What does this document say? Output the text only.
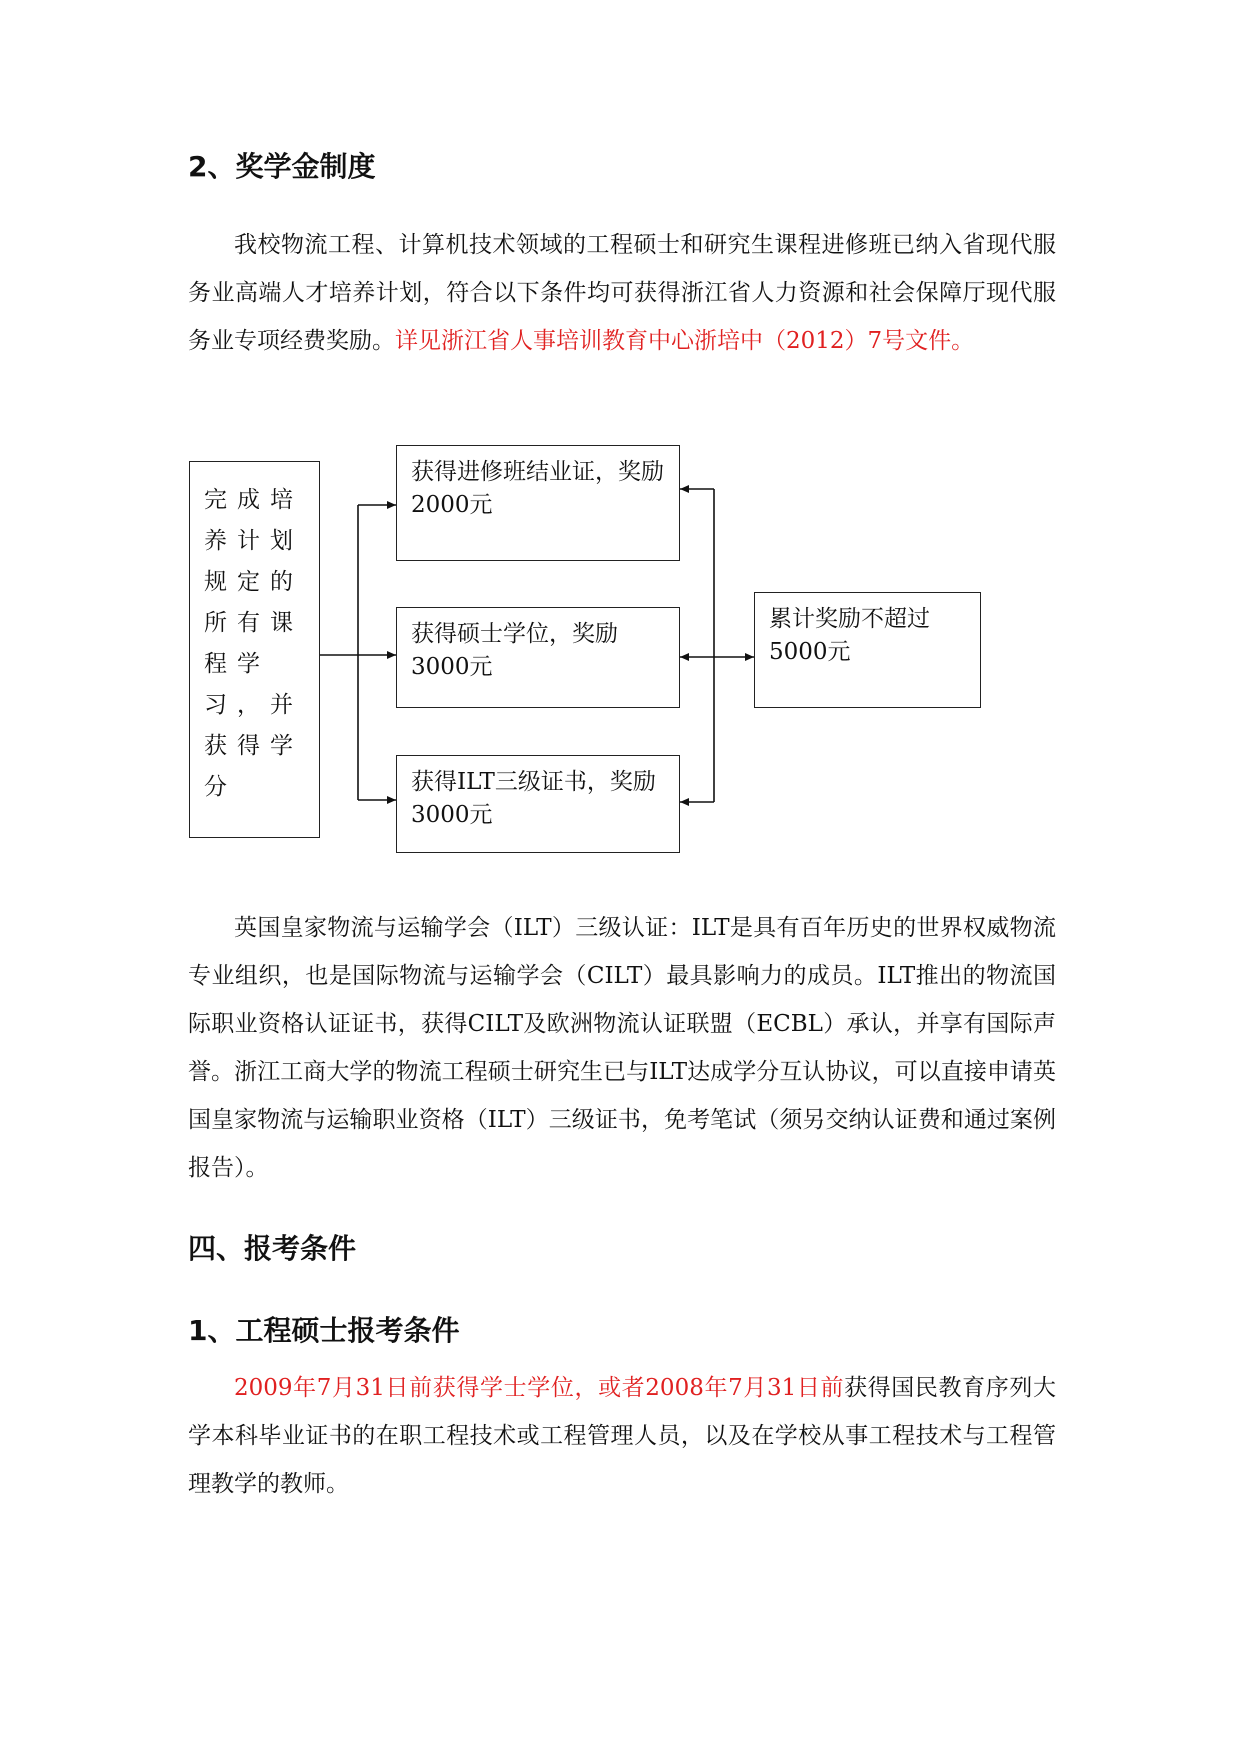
2、奖学金制度

我校物流工程、计算机技术领域的工程硕士和研究生课程进修班已纳入省现代服务业高端人才培养计划，符合以下条件均可获得浙江省人力资源和社会保障厅现代服务业专项经费奖励。详见浙江省人事培训教育中心浙培中（2012）7号文件。

完成培养计划规定的所有课程学习，并获得学分
获得进修班结业证，奖励2000元
获得硕士学位，奖励3000元
获得ILT三级证书，奖励3000元
累计奖励不超过5000元

英国皇家物流与运输学会（ILT）三级认证：ILT是具有百年历史的世界权威物流专业组织，也是国际物流与运输学会（CILT）最具影响力的成员。ILT推出的物流国际职业资格认证证书，获得CILT及欧洲物流认证联盟（ECBL）承认，并享有国际声誉。浙江工商大学的物流工程硕士研究生已与ILT达成学分互认协议，可以直接申请英国皇家物流与运输职业资格（ILT）三级证书，免考笔试（须另交纳认证费和通过案例报告）。

四、报考条件
1、工程硕士报考条件

2009年7月31日前获得学士学位，或者2008年7月31日前获得国民教育序列大学本科毕业证书的在职工程技术或工程管理人员，以及在学校从事工程技术与工程管理教学的教师。
